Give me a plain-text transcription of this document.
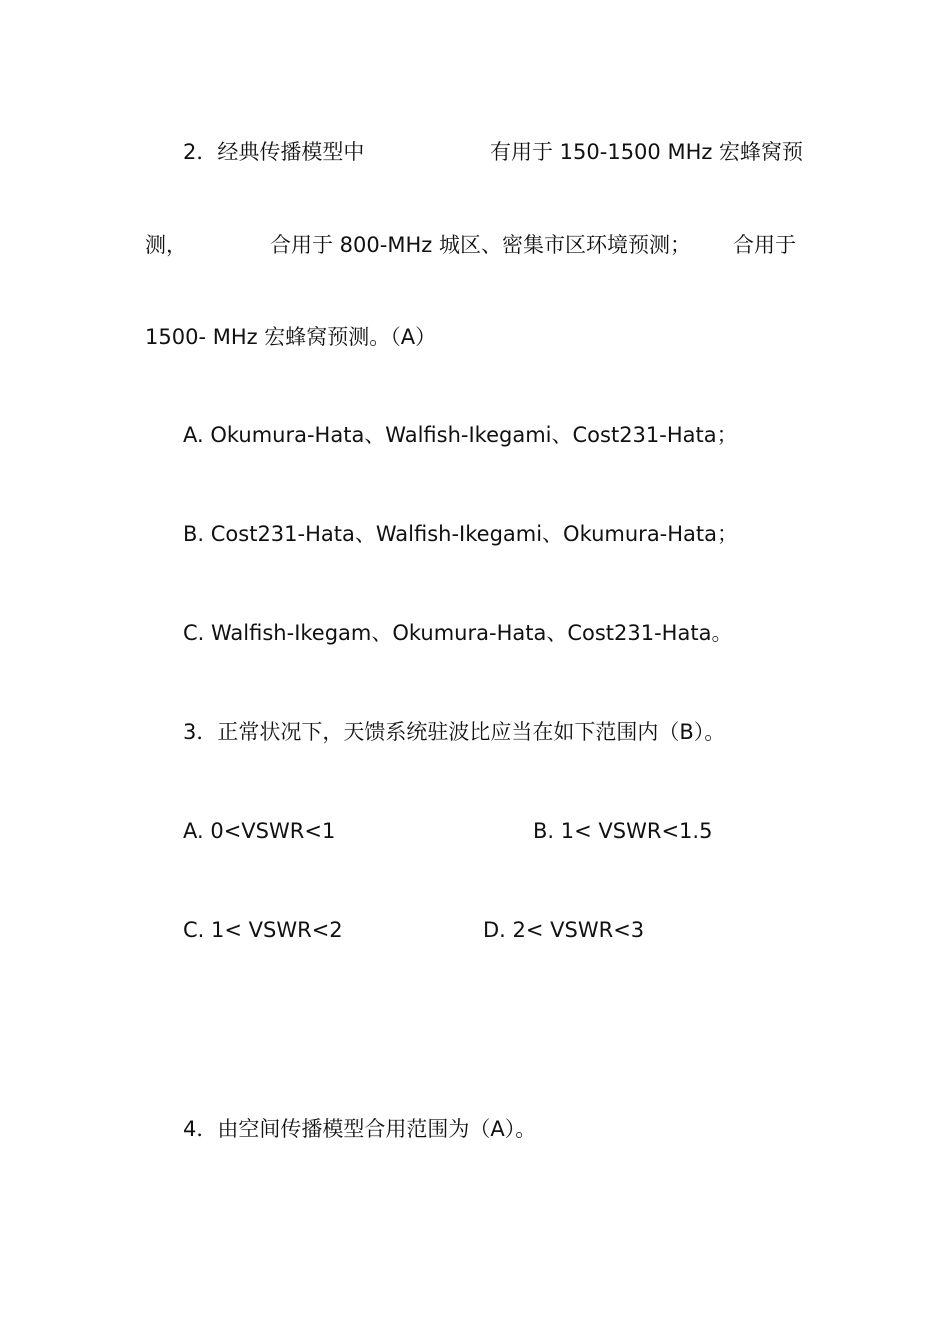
2．经典传播模型中	有用于 150-1500 MHz 宏蜂窝预
测，	合用于 800-MHz 城区、密集市区环境预测； 合用于
1500- MHz 宏蜂窝预测。（A）
A. Okumura-Hata、Walfish-Ikegami、Cost231-Hata；
B. Cost231-Hata、Walfish-Ikegami、Okumura-Hata；
C. Walfish-Ikegam、Okumura-Hata、Cost231-Hata。
3．正常状况下，天馈系统驻波比应当在如下范围内（B）。
A. 0<VSWR<1	B. 1< VSWR<1.5
C. 1< VSWR<2	D. 2< VSWR<3
4．由空间传播模型合用范围为（A）。
